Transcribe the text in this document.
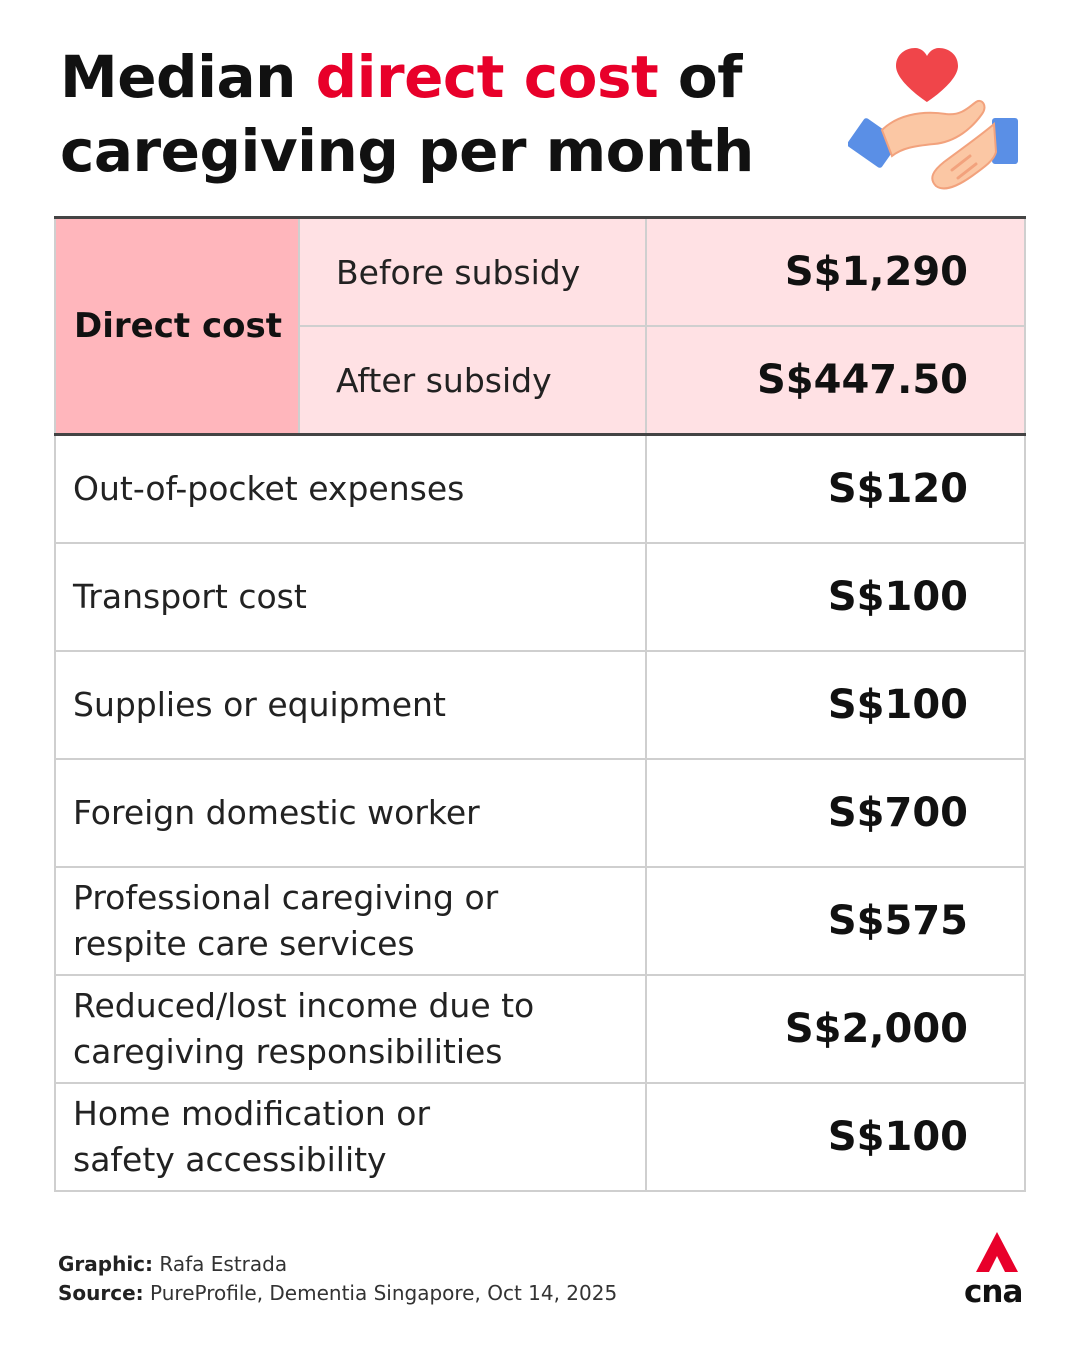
Median direct cost of
caregiving per month
Direct cost	Before subsidy	S$1,290
	After subsidy	S$447.50
Out-of-pocket expenses		S$120
Transport cost		S$100
Supplies or equipment		S$100
Foreign domestic worker		S$700
Professional caregiving or
respite care services		S$575
Reduced/lost income due to
caregiving responsibilities		S$2,000
Home modification or
safety accessibility		S$100
Graphic: Rafa Estrada
Source: PureProfile, Dementia Singapore, Oct 14, 2025	cna
